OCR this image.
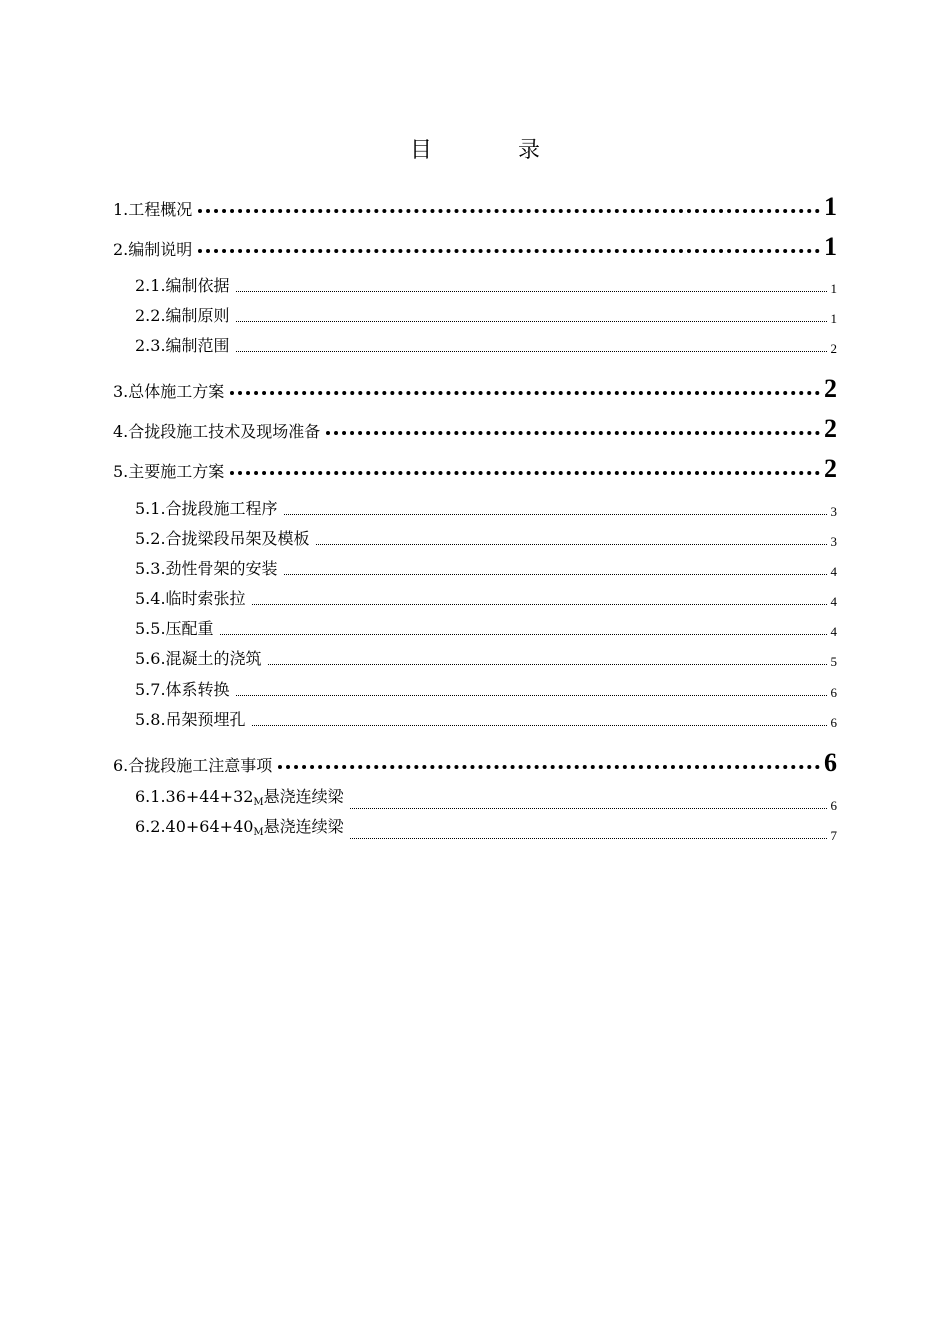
目录
1.工程概况	1
2.编制说明	1
2.1.编制依据	1
2.2.编制原则	1
2.3.编制范围	2
3.总体施工方案	2
4.合拢段施工技术及现场准备	2
5.主要施工方案	2
5.1.合拢段施工程序	3
5.2.合拢梁段吊架及模板	3
5.3.劲性骨架的安装	4
5.4.临时索张拉	4
5.5.压配重	4
5.6.混凝土的浇筑	5
5.7.体系转换	6
5.8.吊架预埋孔	6
6.合拢段施工注意事项	6
$6.1.36+44+32_M$悬浇连续梁	6
$6.2.40+64+40_M$悬浇连续梁	7
